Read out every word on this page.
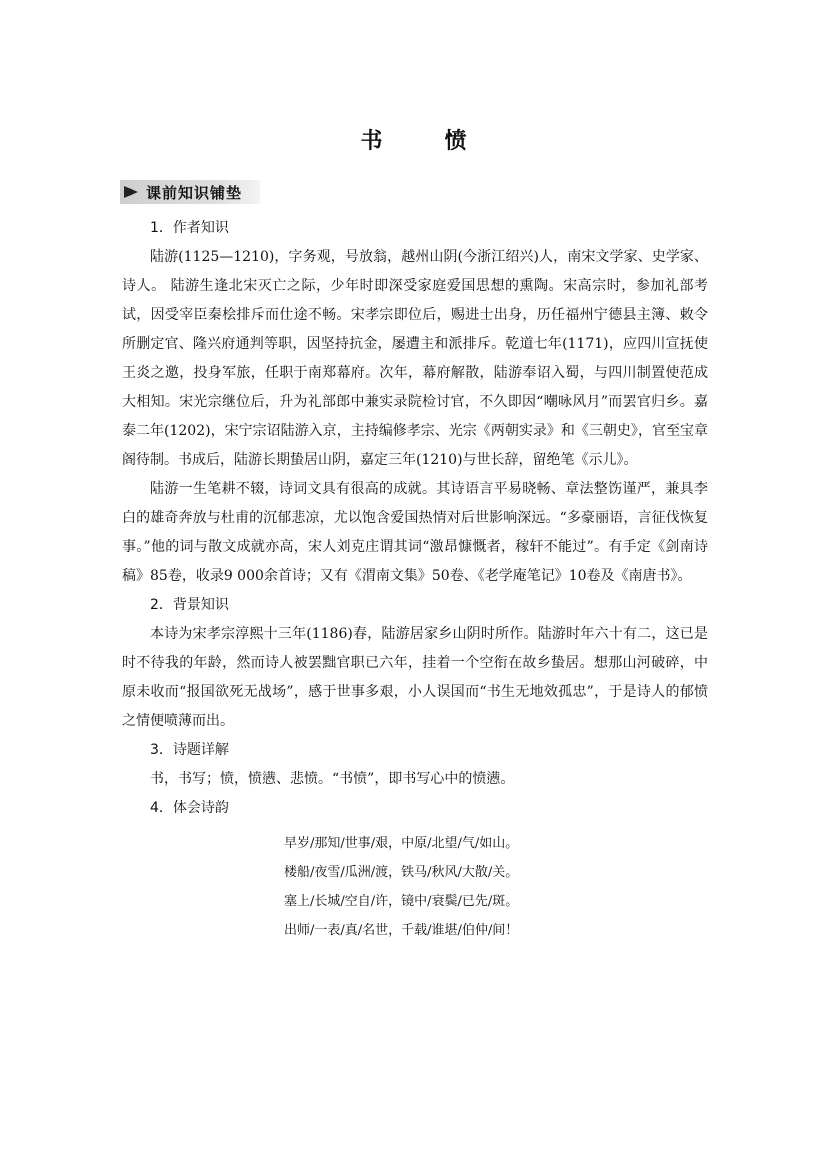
书　愤
课前知识铺垫
1．作者知识

陆游(1125—1210)，字务观，号放翁，越州山阴(今浙江绍兴)人，南宋文学家、史学家、诗人。 陆游生逢北宋灭亡之际，少年时即深受家庭爱国思想的熏陶。宋高宗时，参加礼部考试，因受宰臣秦桧排斥而仕途不畅。宋孝宗即位后，赐进士出身，历任福州宁德县主簿、敕令所删定官、隆兴府通判等职，因坚持抗金，屡遭主和派排斥。乾道七年(1171)，应四川宣抚使王炎之邀，投身军旅，任职于南郑幕府。次年，幕府解散，陆游奉诏入蜀，与四川制置使范成大相知。宋光宗继位后，升为礼部郎中兼实录院检讨官，不久即因“嘲咏风月”而罢官归乡。嘉泰二年(1202)，宋宁宗诏陆游入京，主持编修孝宗、光宗《两朝实录》和《三朝史》，官至宝章阁待制。书成后，陆游长期蛰居山阴，嘉定三年(1210)与世长辞，留绝笔《示儿》。

陆游一生笔耕不辍，诗词文具有很高的成就。其诗语言平易晓畅、章法整饬谨严，兼具李白的雄奇奔放与杜甫的沉郁悲凉，尤以饱含爱国热情对后世影响深远。“多豪丽语，言征伐恢复事。”他的词与散文成就亦高，宋人刘克庄谓其词“激昂慷慨者，稼轩不能过”。有手定《剑南诗稿》85卷，收录9 000余首诗；又有《渭南文集》50卷、《老学庵笔记》10卷及《南唐书》。

2．背景知识

本诗为宋孝宗淳熙十三年(1186)春，陆游居家乡山阴时所作。陆游时年六十有二，这已是时不待我的年龄，然而诗人被罢黜官职已六年，挂着一个空衔在故乡蛰居。想那山河破碎，中原未收而“报国欲死无战场”，感于世事多艰，小人误国而“书生无地效孤忠”，于是诗人的郁愤之情便喷薄而出。

3．诗题详解

书，书写；愤，愤懑、悲愤。“书愤”，即书写心中的愤懑。

4．体会诗韵
早岁/那知/世事/艰，中原/北望/气/如山。
楼船/夜雪/瓜洲/渡，铁马/秋风/大散/关。
塞上/长城/空自/许，镜中/衰鬓/已先/斑。
出师/一表/真/名世，千载/谁堪/伯仲/间！
